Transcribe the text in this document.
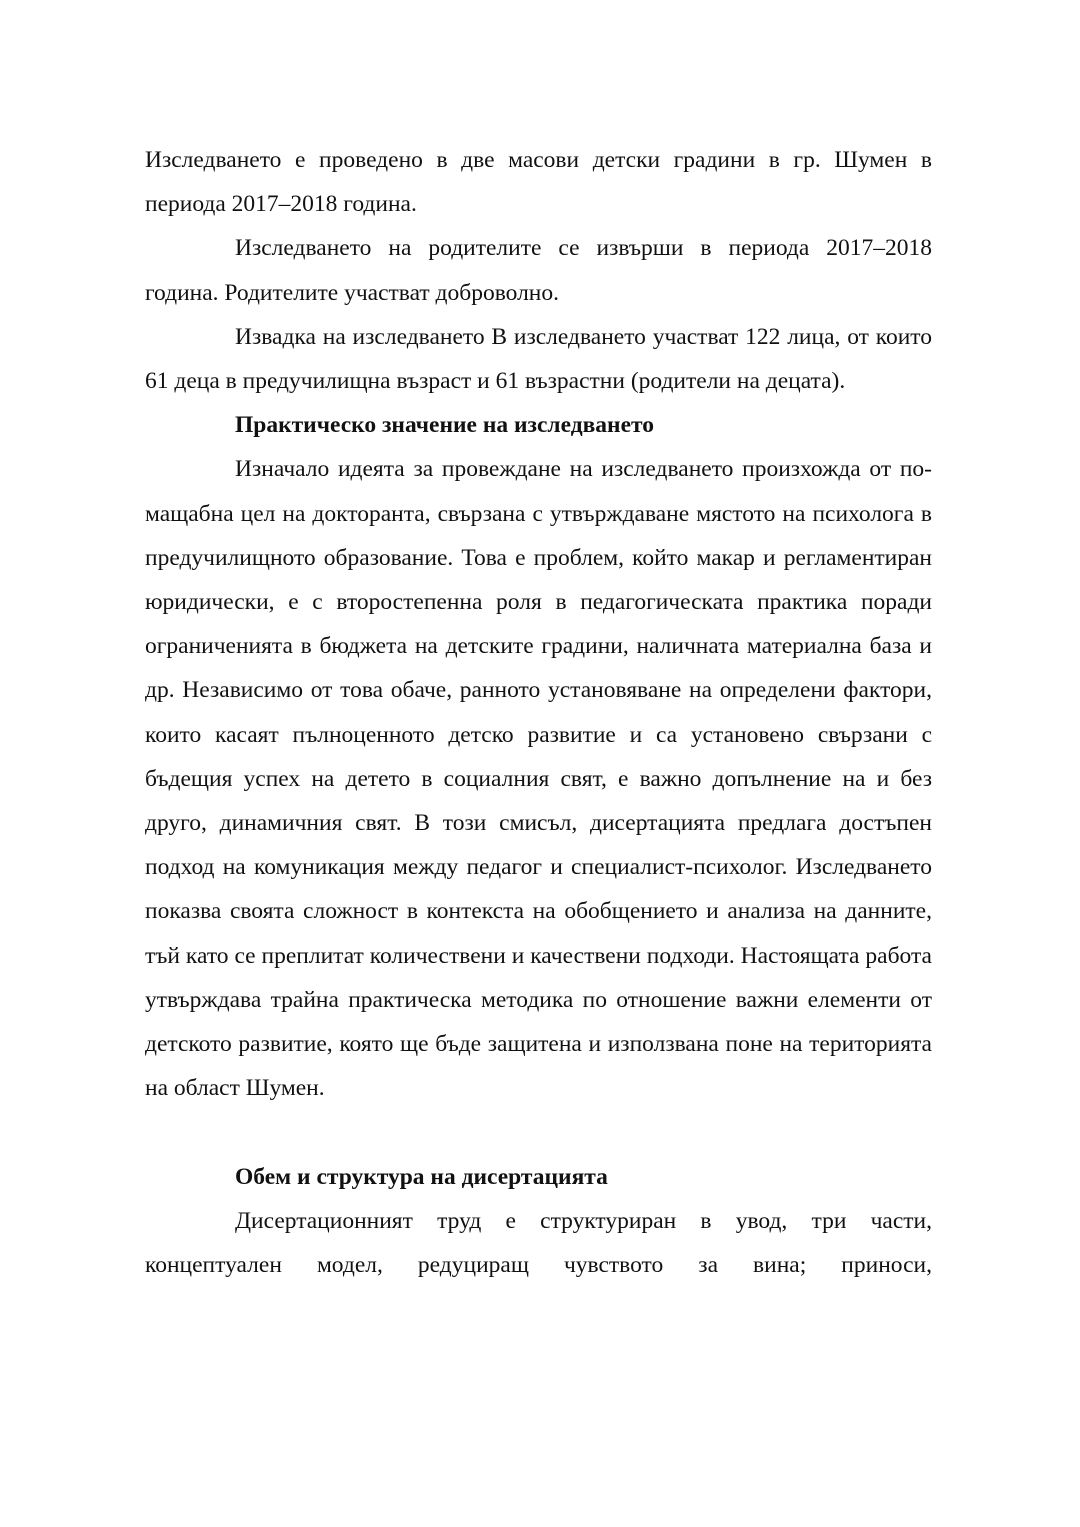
Изследването е проведено в две масови детски градини в гр. Шумен в периода 2017–2018 година.

Изследването на родителите се извърши в периода 2017–2018 година. Родителите участват доброволно.

Извадка на изследването В изследването участват 122 лица, от които 61 деца в предучилищна възраст и 61 възрастни (родители на децата).

Практическо значение на изследването

Изначало идеята за провеждане на изследването произхожда от по-мащабна цел на докторанта, свързана с утвърждаване мястото на психолога в предучилищното образование. Това е проблем, който макар и регламентиран юридически, е с второстепенна роля в педагогическата практика поради ограниченията в бюджета на детските градини, наличната материална база и др. Независимо от това обаче, ранното установяване на определени фактори, които касаят пълноценното детско развитие и са установено свързани с бъдещия успех на детето в социалния свят, е важно допълнение на и без друго, динамичния свят. В този смисъл, дисертацията предлага достъпен подход на комуникация между педагог и специалист-психолог. Изследването показва своята сложност в контекста на обобщението и анализа на данните, тъй като се преплитат количествени и качествени подходи. Настоящата работа утвърждава трайна практическа методика по отношение важни елементи от детското развитие, която ще бъде защитена и използвана поне на територията на област Шумен.

Обем и структура на дисертацията

Дисертационният труд е структуриран в увод, три части, концептуален модел, редуциращ чувството за вина; приноси,
